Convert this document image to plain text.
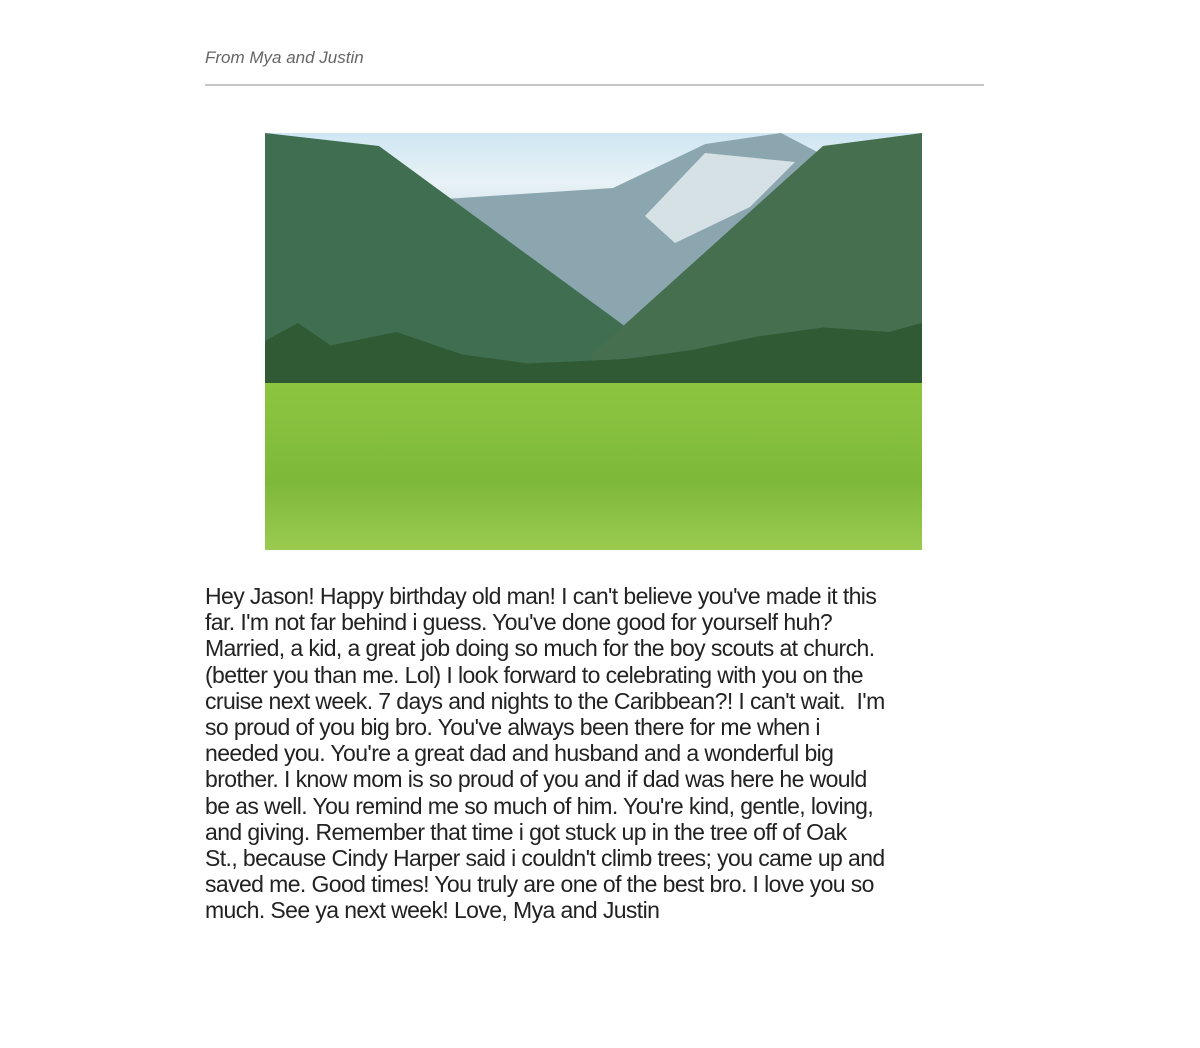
From Mya and Justin
Hey Jason! Happy birthday old man! I can't believe you've made it this
far. I'm not far behind i guess. You've done good for yourself huh?
Married, a kid, a great job doing so much for the boy scouts at church.
(better you than me. Lol) I look forward to celebrating with you on the
cruise next week. 7 days and nights to the Caribbean?! I can't wait.  I'm
so proud of you big bro. You've always been there for me when i
needed you. You're a great dad and husband and a wonderful big
brother. I know mom is so proud of you and if dad was here he would
be as well. You remind me so much of him. You're kind, gentle, loving,
and giving. Remember that time i got stuck up in the tree off of Oak
St., because Cindy Harper said i couldn't climb trees; you came up and
saved me. Good times! You truly are one of the best bro. I love you so
much. See ya next week! Love, Mya and Justin
